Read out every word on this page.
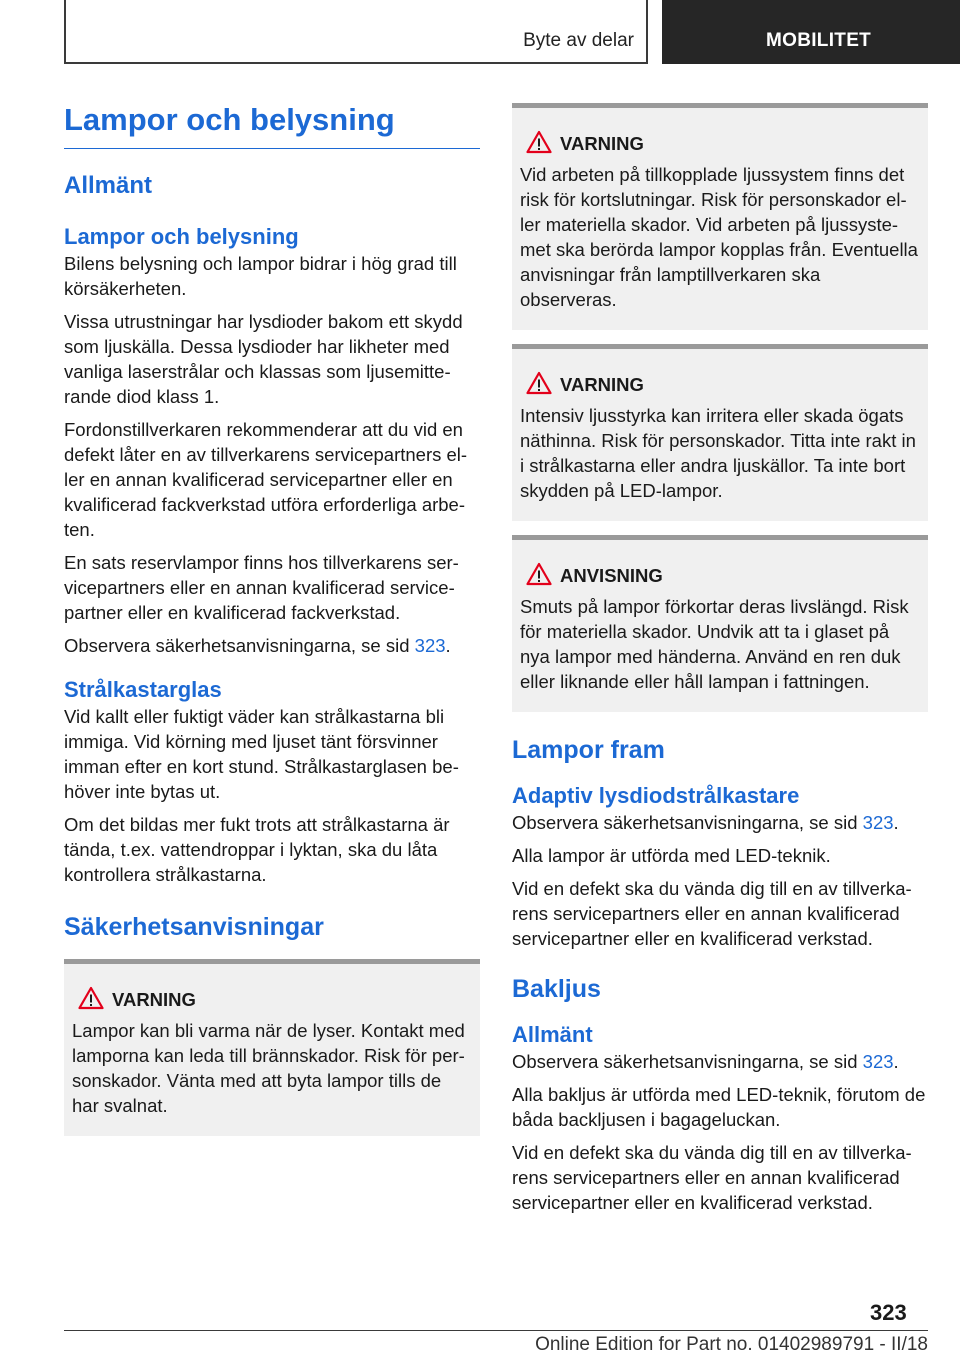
Byte av delar	MOBILITET
Lampor och belysning
Allmänt
Lampor och belysning

Bilens belysning och lampor bidrar i hög grad till körsäkerheten.

Vissa utrustningar har lysdioder bakom ett skydd som ljuskälla. Dessa lysdioder har likheter med vanliga laserstrålar och klassas som ljusemitterande diod klass 1.

Fordonstillverkaren rekommenderar att du vid en defekt låter en av tillverkarens servicepartners eller en annan kvalificerad servicepartner eller en kvalificerad fackverkstad utföra erforderliga arbeten.

En sats reservlampor finns hos tillverkarens servicepartners eller en annan kvalificerad servicepartner eller en kvalificerad fackverkstad.

Observera säkerhetsanvisningarna, se sid 323.

Strålkastarglas

Vid kallt eller fuktigt väder kan strålkastarna bli immiga. Vid körning med ljuset tänt försvinner imman efter en kort stund. Strålkastarglasen behöver inte bytas ut.

Om det bildas mer fukt trots att strålkastarna är tända, t.ex. vattendroppar i lyktan, ska du låta kontrollera strålkastarna.

Säkerhetsanvisningar
VARNING

Lampor kan bli varma när de lyser. Kontakt med lamporna kan leda till brännskador. Risk för personskador. Vänta med att byta lampor tills de har svalnat.

VARNING

Vid arbeten på tillkopplade ljussystem finns det risk för kortslutningar. Risk för personskador eller materiella skador. Vid arbeten på ljussystemet ska berörda lampor kopplas från. Eventuella anvisningar från lamptillverkaren ska observeras.

VARNING

Intensiv ljusstyrka kan irritera eller skada ögats näthinna. Risk för personskador. Titta inte rakt in i strålkastarna eller andra ljuskällor. Ta inte bort skydden på LED-lampor.

ANVISNING

Smuts på lampor förkortar deras livslängd. Risk för materiella skador. Undvik att ta i glaset på nya lampor med händerna. Använd en ren duk eller liknande eller håll lampan i fattningen.

Lampor fram
Adaptiv lysdiodstrålkastare

Observera säkerhetsanvisningarna, se sid 323.

Alla lampor är utförda med LED-teknik.

Vid en defekt ska du vända dig till en av tillverkarens servicepartners eller en annan kvalificerad servicepartner eller en kvalificerad verkstad.

Bakljus
Allmänt

Observera säkerhetsanvisningarna, se sid 323.

Alla bakljus är utförda med LED-teknik, förutom de båda backljusen i bagageluckan.

Vid en defekt ska du vända dig till en av tillverkarens servicepartners eller en annan kvalificerad servicepartner eller en kvalificerad verkstad.

323
Online Edition for Part no. 01402989791 - II/18
